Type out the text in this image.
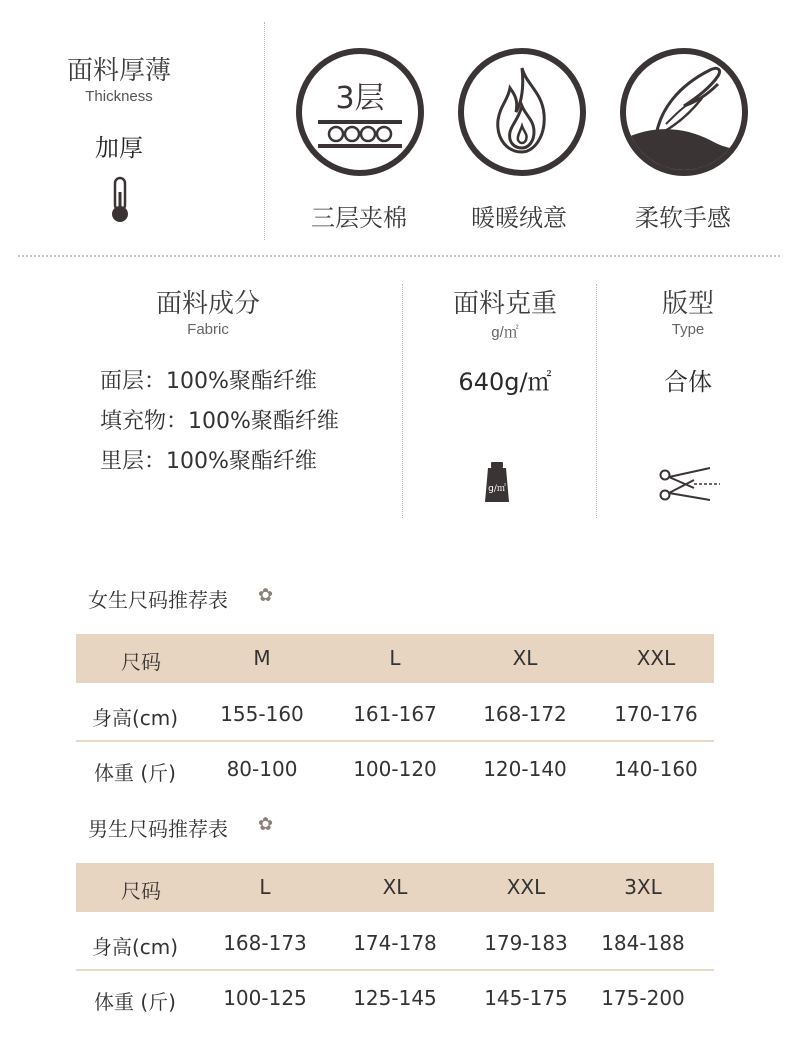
面料厚薄
Thickness
加厚
3层
三层夹棉	暖暖绒意	柔软手感
面料成分
Fabric
面层：100%聚酯纤维
填充物：100%聚酯纤维
里层：100%聚酯纤维
面料克重
g/㎡
640g/㎡
g/㎡
版型
Type
合体
女生尺码推荐表 ✿
尺码	M	L	XL	XXL
身高(cm)	155-160	161-167	168-172	170-176
体重 (斤)	80-100	100-120	120-140	140-160
男生尺码推荐表 ✿
尺码	L	XL	XXL	3XL
身高(cm)	168-173	174-178	179-183	184-188
体重 (斤)	100-125	125-145	145-175	175-200
